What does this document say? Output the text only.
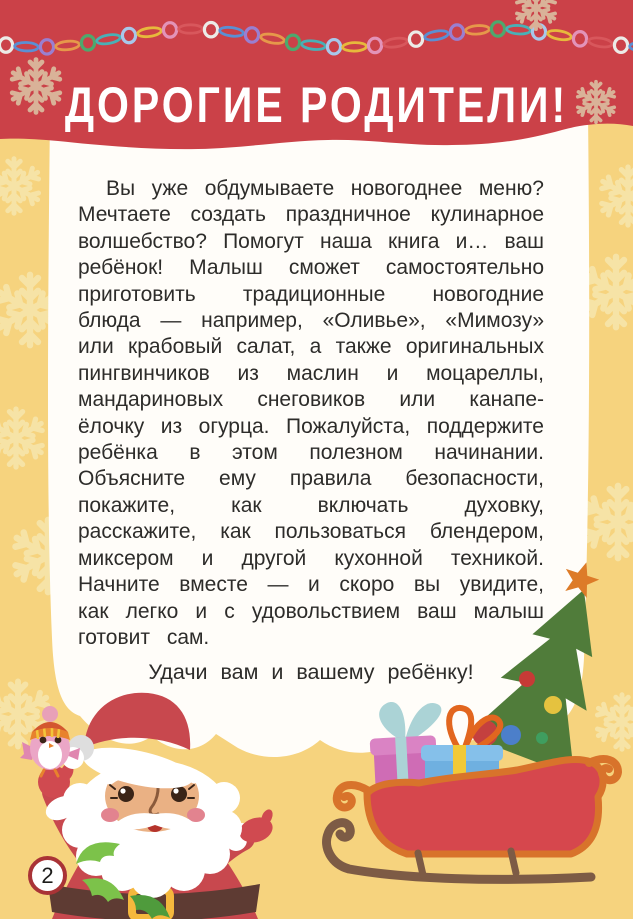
ДОРОГИЕ РОДИТЕЛИ!
Вы уже обдумываете новогоднее меню?
Мечтаете создать праздничное кулинарное
волшебство? Помогут наша книга и… ваш
ребёнок! Малыш сможет самостоятельно
приготовить традиционные новогодние
блюда — например, «Оливье», «Мимозу»
или крабовый салат, а также оригинальных
пингвинчиков из маслин и моцареллы,
мандариновых снеговиков или канапе-
ёлочку из огурца. Пожалуйста, поддержите
ребёнка в этом полезном начинании.
Объясните ему правила безопасности,
покажите, как включать духовку,
расскажите, как пользоваться блендером,
миксером и другой кухонной техникой.
Начните вместе — и скоро вы увидите,
как легко и с удовольствием ваш малыш
готовит сам.
Удачи вам и вашему ребёнку!
2
